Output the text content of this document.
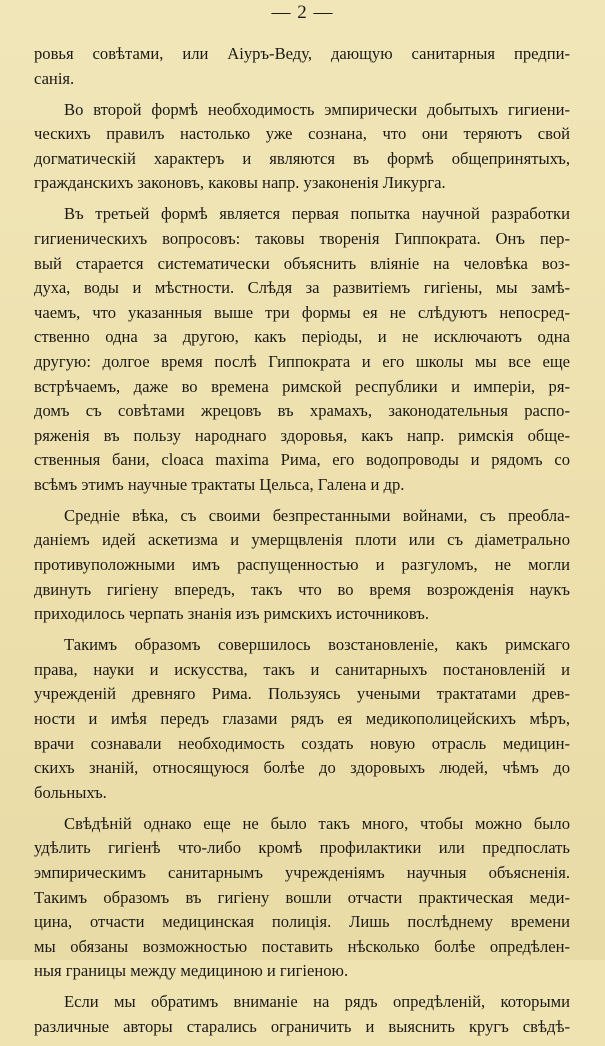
— 2 —
ровья совѣтами, или Аіуръ-Веду, дающую санитарныя предпи-
санія.
Во второй формѣ необходимость эмпирически добытыхъ гигиени-
ческихъ правилъ настолько уже сознана, что они теряютъ свой
догматическій характеръ и являются въ формѣ общепринятыхъ,
гражданскихъ законовъ, каковы напр. узаконенія Ликурга.
Въ третьей формѣ является первая попытка научной разработки
гигиеническихъ вопросовъ: таковы творенія Гиппократа. Онъ пер-
вый старается систематически объяснить вліяніе на человѣка воз-
духа, воды и мѣстности. Слѣдя за развитіемъ гигіены, мы замѣ-
чаемъ, что указанныя выше три формы ея не слѣдуютъ непосред-
ственно одна за другою, какъ періоды, и не исключаютъ одна
другую: долгое время послѣ Гиппократа и его школы мы все еще
встрѣчаемъ, даже во времена римской республики и имперіи, ря-
домъ съ совѣтами жрецовъ въ храмахъ, законодательныя распо-
ряженія въ пользу народнаго здоровья, какъ напр. римскія обще-
ственныя бани, cloaca maxima Рима, его водопроводы и рядомъ со
всѣмъ этимъ научные трактаты Цельса, Галена и др.
Средніе вѣка, съ своими безпрестанными войнами, съ преобла-
даніемъ идей аскетизма и умерщвленія плоти или съ діаметрально
противуположными имъ распущенностью и разгуломъ, не могли
двинуть гигіену впередъ, такъ что во время возрожденія наукъ
приходилось черпать знанія изъ римскихъ источниковъ.
Такимъ образомъ совершилось возстановленіе, какъ римскаго
права, науки и искусства, такъ и санитарныхъ постановленій и
учрежденій древняго Рима. Пользуясь учеными трактатами древ-
ности и имѣя передъ глазами рядъ ея медикополицейскихъ мѣръ,
врачи сознавали необходимость создать новую отрасль медицин-
скихъ знаній, относящуюся болѣе до здоровыхъ людей, чѣмъ до
больныхъ.
Свѣдѣній однако еще не было такъ много, чтобы можно было
удѣлить гигіенѣ что-либо кромѣ профилактики или предпослать
эмпирическимъ санитарнымъ учрежденіямъ научныя объясненія.
Такимъ образомъ въ гигіену вошли отчасти практическая меди-
цина, отчасти медицинская полиція. Лишь послѣднему времени
мы обязаны возможностью поставить нѣсколько болѣе опредѣлен-
ныя границы между медициною и гигіеною.
Если мы обратимъ вниманіе на рядъ опредѣленій, которыми
различные авторы старались ограничить и выяснить кругъ свѣдѣ-
